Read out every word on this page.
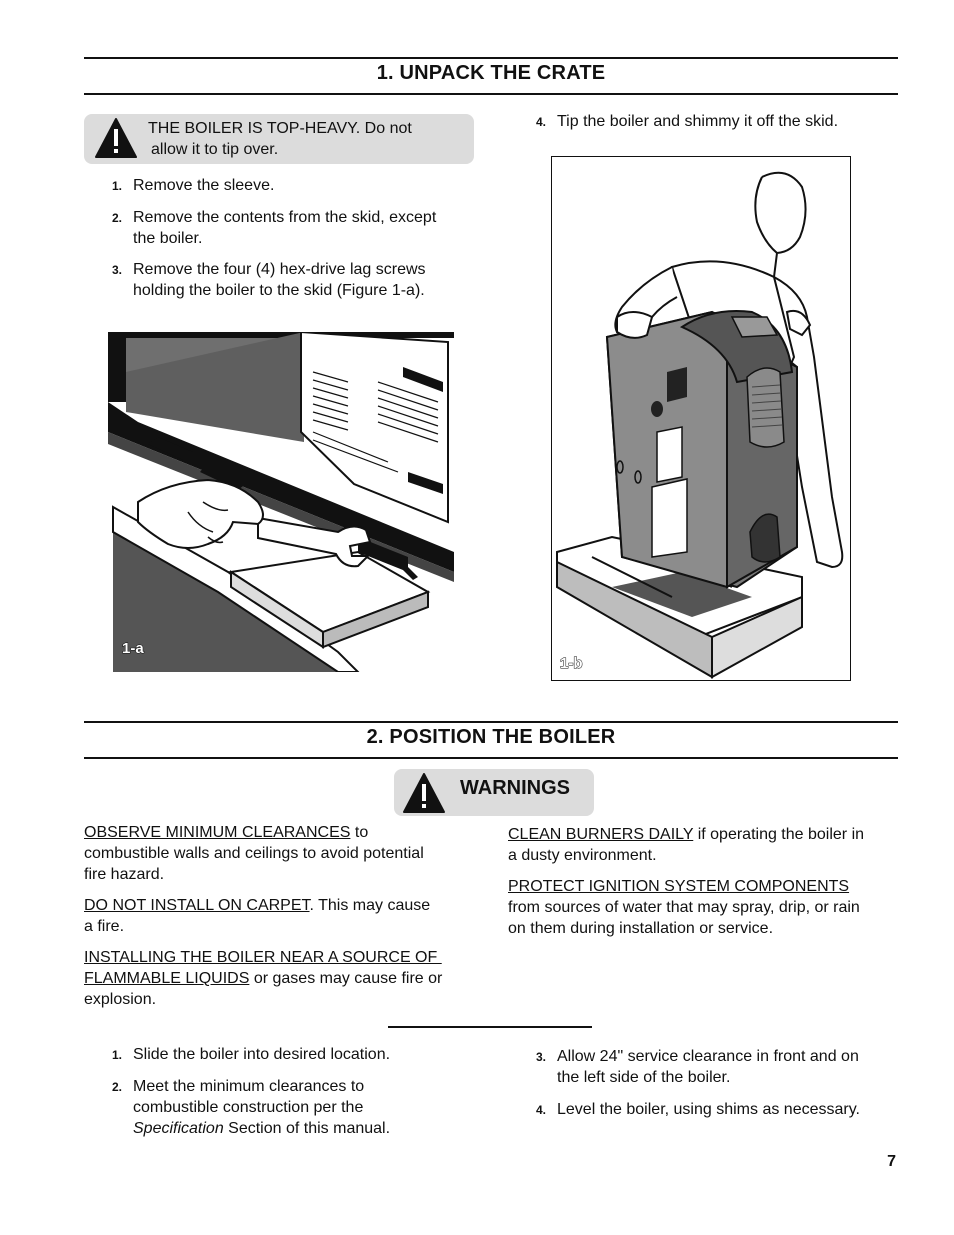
1. UNPACK THE CRATE
THE BOILER IS TOP-HEAVY. Do not
allow it to tip over.
1. Remove the sleeve.
2. Remove the contents from the skid, except
the boiler.
3. Remove the four (4) hex-drive lag screws
holding the boiler to the skid (Figure 1-a).
4. Tip the boiler and shimmy it off the skid.
1-a
1-b
2. POSITION THE BOILER
WARNINGS
OBSERVE MINIMUM CLEARANCES to
combustible walls and ceilings to avoid potential
fire hazard.
DO NOT INSTALL ON CARPET. This may cause
a fire.
INSTALLING THE BOILER NEAR A SOURCE OF
FLAMMABLE LIQUIDS or gases may cause fire or
explosion.
CLEAN BURNERS DAILY if operating the boiler in
a dusty environment.
PROTECT IGNITION SYSTEM COMPONENTS
from sources of water that may spray, drip, or rain
on them during installation or service.
1. Slide the boiler into desired location.
2. Meet the minimum clearances to
combustible construction per the
Specification Section of this manual.
3. Allow 24" service clearance in front and on
the left side of the boiler.
4. Level the boiler, using shims as necessary.
7
